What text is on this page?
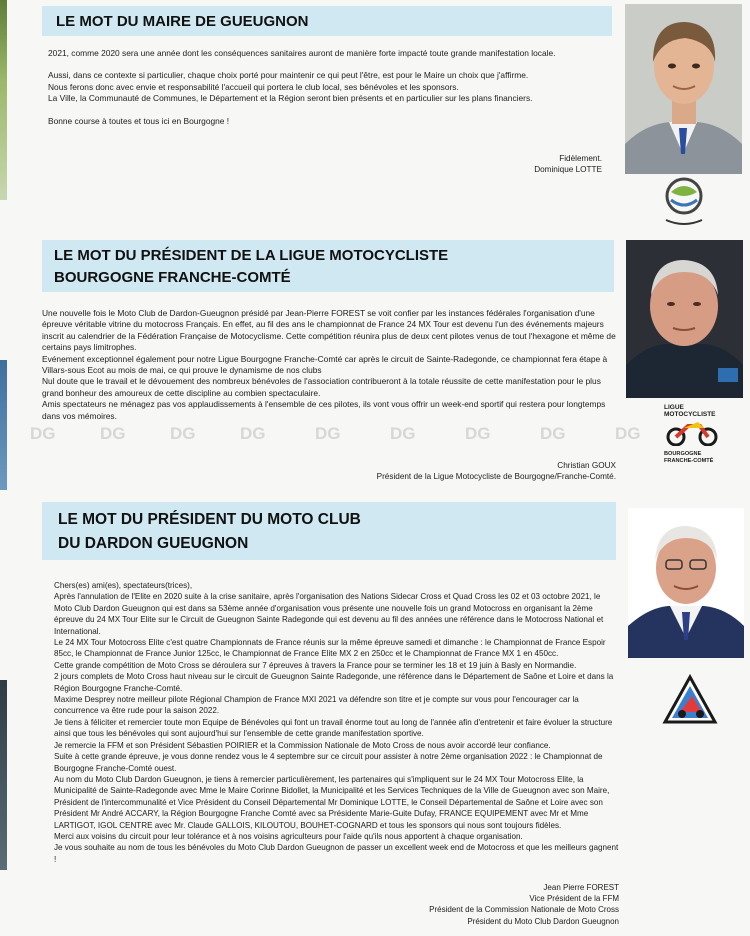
LE MOT DU MAIRE DE GUEUGNON

2021, comme 2020 sera une année dont les conséquences sanitaires auront de manière forte impacté toute grande manifestation locale.

Aussi, dans ce contexte si particulier, chaque choix porté pour maintenir ce qui peut l'être, est pour le Maire un choix que j'affirme.

Nous ferons donc avec envie et responsabilité l'accueil qui portera le club local, ses bénévoles et les sponsors.

La Ville, la Communauté de Communes, le Département et la Région seront bien présents et en particulier sur les plans financiers.

Bonne course à toutes et tous ici en Bourgogne !

Fidèlement.
Dominique LOTTE
LE MOT DU PRÉSIDENT DE LA LIGUE MOTOCYCLISTE
BOURGOGNE FRANCHE-COMTÉ

Une nouvelle fois le Moto Club de Dardon-Gueugnon présidé par Jean-Pierre FOREST se voit confier par les instances fédérales l'organisation d'une épreuve véritable vitrine du motocross Français. En effet, au fil des ans le championnat de France 24 MX Tour est devenu l'un des événements majeurs inscrit au calendrier de la Fédération Française de Motocyclisme. Cette compétition réunira plus de deux cent pilotes venus de tout l'hexagone et même de certains pays limitrophes.

Evénement exceptionnel également pour notre Ligue Bourgogne Franche-Comté car après le circuit de Sainte-Radegonde, ce championnat fera étape à Villars-sous Ecot au mois de mai, ce qui prouve le dynamisme de nos clubs

Nul doute que le travail et le dévouement des nombreux bénévoles de l'association contribueront à la totale réussite de cette manifestation pour le plus grand bonheur des amoureux de cette discipline au combien spectaculaire.

Amis spectateurs ne ménagez pas vos applaudissements à l'ensemble de ces pilotes, ils vont vous offrir un week-end sportif qui restera pour longtemps dans vos mémoires.

DG	DG	DG	DG	DG	DG	DG	DG	DG
Christian GOUX
Président de la Ligue Motocycliste de Bourgogne/Franche-Comté.
LIGUE
MOTOCYCLISTE
BOURGOGNE
FRANCHE-COMTÉ
LE MOT DU PRÉSIDENT DU MOTO CLUB
DU DARDON GUEUGNON

Chers(es) ami(es), spectateurs(trices),

Après l'annulation de l'Elite en 2020 suite à la crise sanitaire, après l'organisation des Nations Sidecar Cross et Quad Cross les 02 et 03 octobre 2021, le Moto Club Dardon Gueugnon qui est dans sa 53ème année d'organisation vous présente une nouvelle fois un grand Motocross en organisant la 2ème épreuve du 24 MX Tour Elite sur le Circuit de Gueugnon Sainte Radegonde qui est devenu au fil des années une référence dans le Motocross National et International.

Le 24 MX Tour Motocross Elite c'est quatre Championnats de France réunis sur la même épreuve samedi et dimanche : le Championnat de France Espoir 85cc, le Championnat de France Junior 125cc, le Championnat de France Elite MX 2 en 250cc et le Championnat de France MX 1 en 450cc.

Cette grande compétition de Moto Cross se déroulera sur 7 épreuves à travers la France pour se terminer les 18 et 19 juin à Basly en Normandie.

2 jours complets de Moto Cross haut niveau sur le circuit de Gueugnon Sainte Radegonde, une référence dans le Département de Saône et Loire et dans la Région Bourgogne Franche-Comté.

Maxime Desprey notre meilleur pilote Régional Champion de France MXI 2021 va défendre son titre et je compte sur vous pour l'encourager car la concurrence va être rude pour la saison 2022.

Je tiens à féliciter et remercier toute mon Equipe de Bénévoles qui font un travail énorme tout au long de l'année afin d'entretenir et faire évoluer la structure ainsi que tous les bénévoles qui sont aujourd'hui sur l'ensemble de cette grande manifestation sportive.

Je remercie la FFM et son Président Sébastien POIRIER et la Commission Nationale de Moto Cross de nous avoir accordé leur confiance.

Suite à cette grande épreuve, je vous donne rendez vous le 4 septembre sur ce circuit pour assister à notre 2ème organisation 2022 : le Championnat de Bourgogne Franche-Comté ouest.

Au nom du Moto Club Dardon Gueugnon, je tiens à remercier particulièrement, les partenaires qui s'impliquent sur le 24 MX Tour Motocross Elite, la Municipalité de Sainte-Radegonde avec Mme le Maire Corinne Bidollet, la Municipalité et les Services Techniques de la Ville de Gueugnon avec son Maire, Président de l'intercommunalité et Vice Président du Conseil Départemental Mr Dominique LOTTE, le Conseil Départemental de Saône et Loire avec son Président Mr André ACCARY, la Région Bourgogne Franche Comté avec sa Présidente Marie-Guite Dufay, FRANCE EQUIPEMENT avec Mr et Mme LARTIGOT, IGOL CENTRE avec Mr. Claude GALLOIS, KILOUTOU, BOUHET-COGNARD et tous les sponsors qui nous sont toujours fidèles.

Merci aux voisins du circuit pour leur tolérance et à nos voisins agriculteurs pour l'aide qu'ils nous apportent à chaque organisation.

Je vous souhaite au nom de tous les bénévoles du Moto Club Dardon Gueugnon de passer un excellent week end de Motocross et que les meilleurs gagnent !

Jean Pierre FOREST
Vice Président de la FFM
Président de la Commission Nationale de Moto Cross
Président du Moto Club Dardon Gueugnon
